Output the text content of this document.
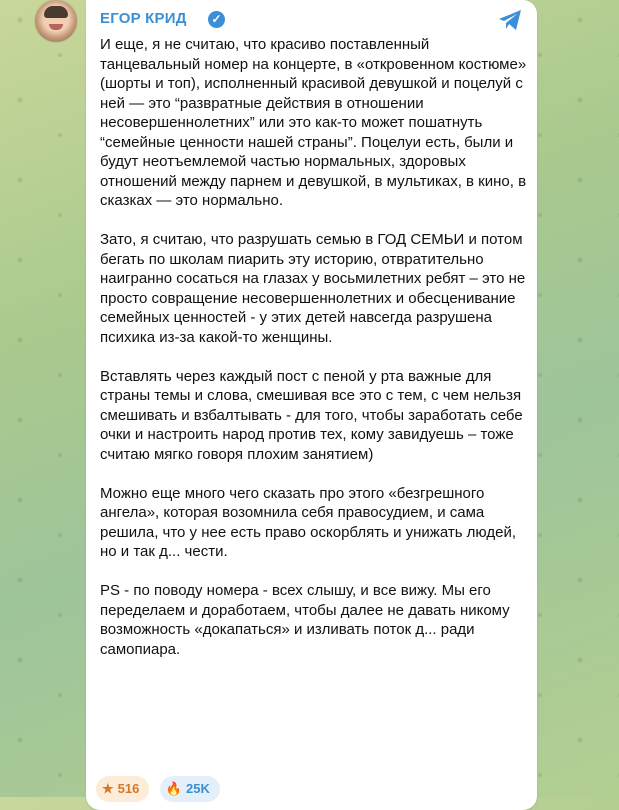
ЕГОР КРИД ✓

И еще, я не считаю, что красиво поставленный танцевальный номер на концерте, в «откровенном костюме» (шорты и топ), исполненный красивой девушкой и поцелуй с ней — это “развратные действия в отношении несовершеннолетних” или это как-то может пошатнуть “семейные ценности нашей страны”. Поцелуи есть, были и будут неотъемлемой частью нормальных, здоровых отношений между парнем и девушкой, в мультиках, в кино, в сказках — это нормально.

Зато, я считаю, что разрушать семью в ГОД СЕМЬИ и потом бегать по школам пиарить эту историю, отвратительно наигранно сосаться на глазах у восьмилетних ребят – это не просто совращение несовершеннолетних и обесценивание семейных ценностей - у этих детей навсегда разрушена психика из-за какой-то женщины.

Вставлять через каждый пост с пеной у рта важные для страны темы и слова, смешивая все это с тем, с чем нельзя смешивать и взбалтывать - для того, чтобы заработать себе очки и настроить народ против тех, кому завидуешь – тоже считаю мягко говоря плохим занятием)

Можно еще много чего сказать про этого «безгрешного ангела», которая возомнила себя правосудием, и сама решила, что у нее есть право оскорблять и унижать людей, но и так д... чести.

PS - по поводу номера - всех слышу, и все вижу. Мы его переделаем и доработаем, чтобы далее не давать никому возможность «докапаться» и изливать поток д... ради самопиара.

★ 516 🔥 25K
